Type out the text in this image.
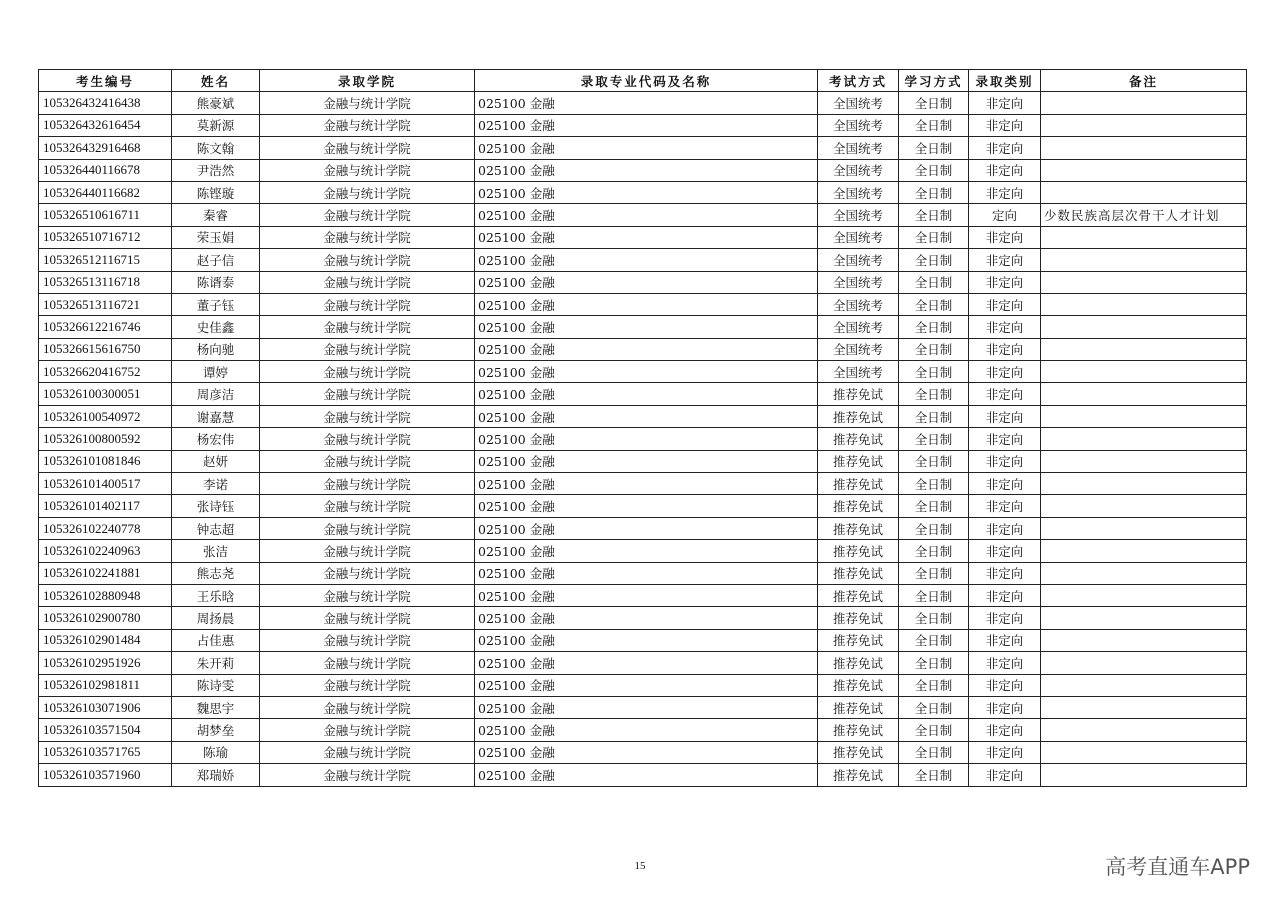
考生编号	姓名	录取学院	录取专业代码及名称	考试方式	学习方式	录取类别	备注
105326432416438	熊豪斌	金融与统计学院	025100 金融	全国统考	全日制	非定向	
105326432616454	莫新源	金融与统计学院	025100 金融	全国统考	全日制	非定向	
105326432916468	陈文翰	金融与统计学院	025100 金融	全国统考	全日制	非定向	
105326440116678	尹浩然	金融与统计学院	025100 金融	全国统考	全日制	非定向	
105326440116682	陈铿璇	金融与统计学院	025100 金融	全国统考	全日制	非定向	
105326510616711	秦睿	金融与统计学院	025100 金融	全国统考	全日制	定向	少数民族高层次骨干人才计划
105326510716712	荣玉娟	金融与统计学院	025100 金融	全国统考	全日制	非定向	
105326512116715	赵子信	金融与统计学院	025100 金融	全国统考	全日制	非定向	
105326513116718	陈谞泰	金融与统计学院	025100 金融	全国统考	全日制	非定向	
105326513116721	董子钰	金融与统计学院	025100 金融	全国统考	全日制	非定向	
105326612216746	史佳鑫	金融与统计学院	025100 金融	全国统考	全日制	非定向	
105326615616750	杨向驰	金融与统计学院	025100 金融	全国统考	全日制	非定向	
105326620416752	谭婷	金融与统计学院	025100 金融	全国统考	全日制	非定向	
105326100300051	周彦洁	金融与统计学院	025100 金融	推荐免试	全日制	非定向	
105326100540972	谢嘉慧	金融与统计学院	025100 金融	推荐免试	全日制	非定向	
105326100800592	杨宏伟	金融与统计学院	025100 金融	推荐免试	全日制	非定向	
105326101081846	赵妍	金融与统计学院	025100 金融	推荐免试	全日制	非定向	
105326101400517	李诺	金融与统计学院	025100 金融	推荐免试	全日制	非定向	
105326101402117	张诗钰	金融与统计学院	025100 金融	推荐免试	全日制	非定向	
105326102240778	钟志超	金融与统计学院	025100 金融	推荐免试	全日制	非定向	
105326102240963	张洁	金融与统计学院	025100 金融	推荐免试	全日制	非定向	
105326102241881	熊志尧	金融与统计学院	025100 金融	推荐免试	全日制	非定向	
105326102880948	王乐晗	金融与统计学院	025100 金融	推荐免试	全日制	非定向	
105326102900780	周扬晨	金融与统计学院	025100 金融	推荐免试	全日制	非定向	
105326102901484	占佳惠	金融与统计学院	025100 金融	推荐免试	全日制	非定向	
105326102951926	朱开莉	金融与统计学院	025100 金融	推荐免试	全日制	非定向	
105326102981811	陈诗雯	金融与统计学院	025100 金融	推荐免试	全日制	非定向	
105326103071906	魏思宇	金融与统计学院	025100 金融	推荐免试	全日制	非定向	
105326103571504	胡梦垒	金融与统计学院	025100 金融	推荐免试	全日制	非定向	
105326103571765	陈瑜	金融与统计学院	025100 金融	推荐免试	全日制	非定向	
105326103571960	郑瑞娇	金融与统计学院	025100 金融	推荐免试	全日制	非定向	
15	高考直通车APP
